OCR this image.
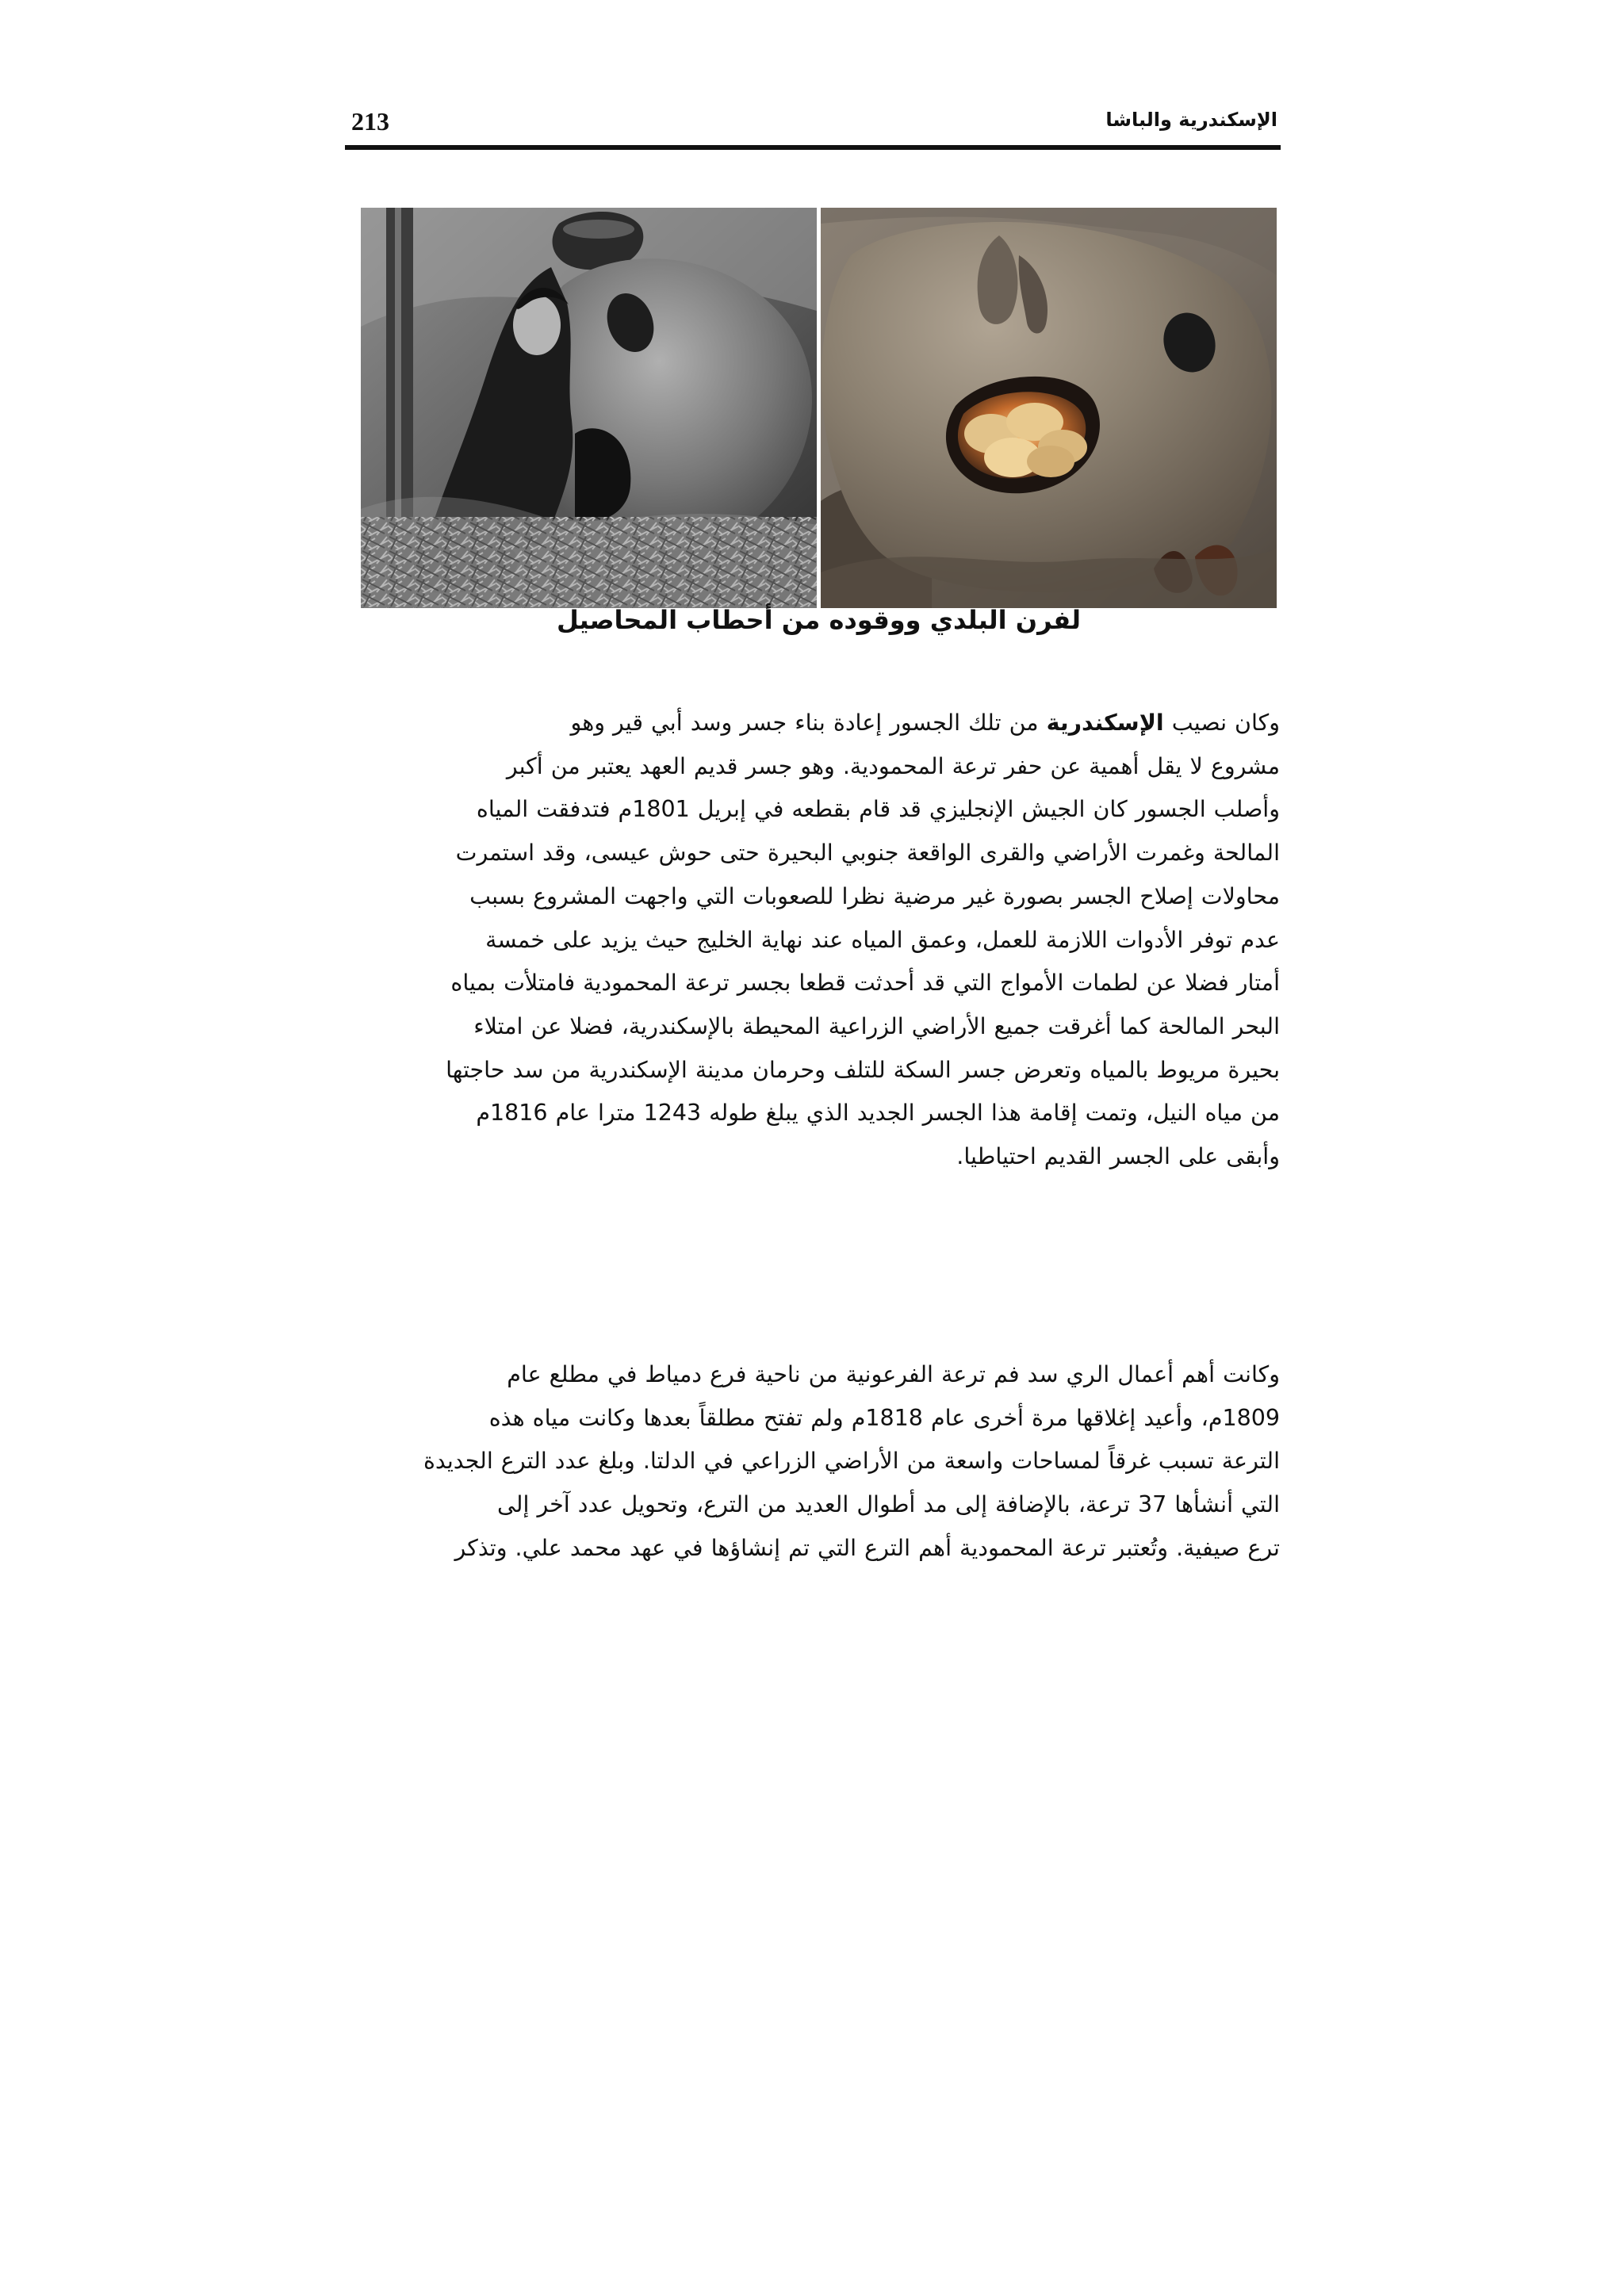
213	الإسكندرية والباشا
لفرن البلدي ووقوده من أحطاب المحاصيل
وكان نصيب الإسكندرية من تلك الجسور إعادة بناء جسر وسد أبي قير وهو
مشروع لا يقل أهمية عن حفر ترعة المحمودية. وهو جسر قديم العهد يعتبر من أكبر
وأصلب الجسور كان الجيش الإنجليزي قد قام بقطعه في إبريل 1801م فتدفقت المياه
المالحة وغمرت الأراضي والقرى الواقعة جنوبي البحيرة حتى حوش عيسى، وقد استمرت
محاولات إصلاح الجسر بصورة غير مرضية نظرا للصعوبات التي واجهت المشروع بسبب
عدم توفر الأدوات اللازمة للعمل، وعمق المياه عند نهاية الخليج حيث يزيد على خمسة
أمتار فضلا عن لطمات الأمواج التي قد أحدثت قطعا بجسر ترعة المحمودية فامتلأت بمياه
البحر المالحة كما أغرقت جميع الأراضي الزراعية المحيطة بالإسكندرية، فضلا عن امتلاء
بحيرة مريوط بالمياه وتعرض جسر السكة للتلف وحرمان مدينة الإسكندرية من سد حاجتها
من مياه النيل، وتمت إقامة هذا الجسر الجديد الذي يبلغ طوله 1243 مترا عام 1816م
وأبقى على الجسر القديم احتياطيا.
وكانت أهم أعمال الري سد فم ترعة الفرعونية من ناحية فرع دمياط في مطلع عام
1809م، وأعيد إغلاقها مرة أخرى عام 1818م ولم تفتح مطلقاً بعدها وكانت مياه هذه
الترعة تسبب غرقاً لمساحات واسعة من الأراضي الزراعي في الدلتا. وبلغ عدد الترع الجديدة
التي أنشأها 37 ترعة، بالإضافة إلى مد أطوال العديد من الترع، وتحويل عدد آخر إلى
ترع صيفية. وتُعتبر ترعة المحمودية أهم الترع التي تم إنشاؤها في عهد محمد علي. وتذكر
